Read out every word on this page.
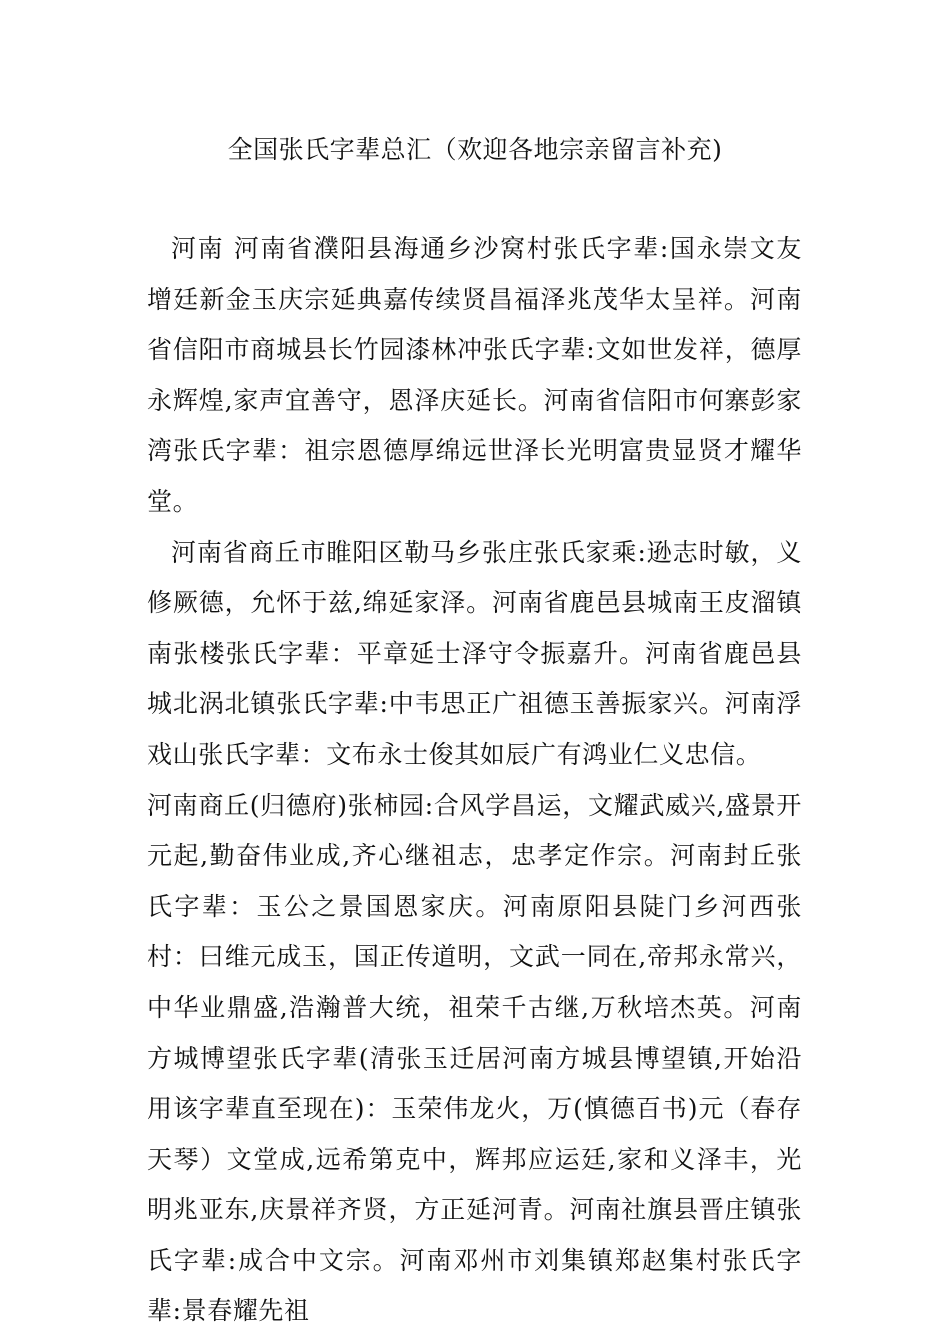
全国张氏字辈总汇（欢迎各地宗亲留言补充)

河南 河南省濮阳县海通乡沙窝村张氏字辈:国永崇文友增廷新金玉庆宗延典嘉传续贤昌福泽兆茂华太呈祥。河南省信阳市商城县长竹园漆林冲张氏字辈:文如世发祥，德厚永辉煌,家声宜善守，恩泽庆延长。河南省信阳市何寨彭家湾张氏字辈：祖宗恩德厚绵远世泽长光明富贵显贤才耀华堂。

河南省商丘市睢阳区勒马乡张庄张氏家乘:逊志时敏，义修厥德，允怀于兹,绵延家泽。河南省鹿邑县城南王皮溜镇南张楼张氏字辈：平章延士泽守令振嘉升。河南省鹿邑县城北涡北镇张氏字辈:中韦思正广祖德玉善振家兴。河南浮戏山张氏字辈：文布永士俊其如辰广有鸿业仁义忠信。

河南商丘(归德府)张柿园:合风学昌运，文耀武威兴,盛景开元起,勤奋伟业成,齐心继祖志，忠孝定作宗。河南封丘张氏字辈：玉公之景国恩家庆。河南原阳县陡门乡河西张村：曰维元成玉，国正传道明，文武一同在,帝邦永常兴，中华业鼎盛,浩瀚普大统，祖荣千古继,万秋培杰英。河南方城博望张氏字辈(清张玉迁居河南方城县博望镇,开始沿用该字辈直至现在)：玉荣伟龙火，万(慎德百书)元（春存天琴）文堂成,远希第克中，辉邦应运廷,家和义泽丰，光明兆亚东,庆景祥齐贤，方正延河青。河南社旗县晋庄镇张氏字辈:成合中文宗。河南邓州市刘集镇郑赵集村张氏字辈:景春耀先祖
